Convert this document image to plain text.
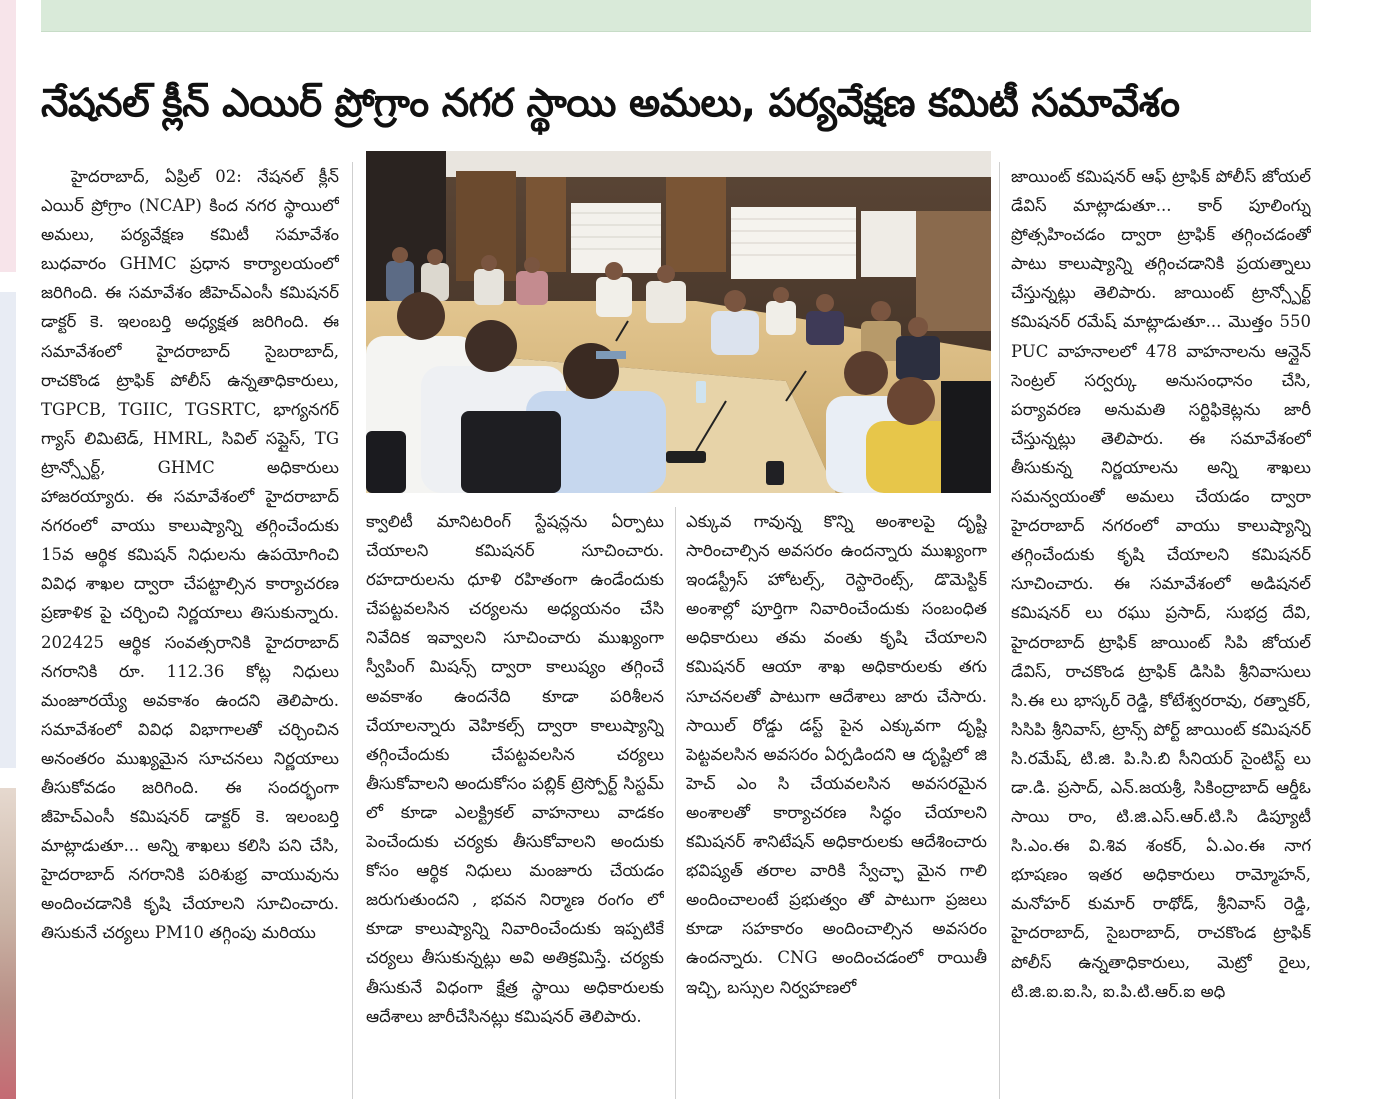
నేషనల్ క్లీన్ ఎయిర్ ప్రోగ్రాం నగర స్థాయి అమలు, పర్యవేక్షణ కమిటీ సమావేశం
హైదరాబాద్, ఏప్రిల్ 02: నేషనల్ క్లీన్ ఎయిర్ ప్రోగ్రాం (NCAP) కింద నగర స్థాయిలో అమలు, పర్యవేక్షణ కమిటీ సమావేశం బుధవారం GHMC ప్రధాన కార్యాలయంలో జరిగింది. ఈ సమావేశం జీహెచ్ఎంసీ కమిషనర్ డాక్టర్ కె. ఇలంబర్తి అధ్యక్షత జరిగింది. ఈ సమావేశంలో హైదరాబాద్ సైబరాబాద్, రాచకొండ ట్రాఫిక్ పోలీస్ ఉన్నతాధికారులు, TGPCB, TGIIC, TGSRTC, భాగ్యనగర్ గ్యాస్ లిమిటెడ్, HMRL, సివిల్ సప్లైస్, TG ట్రాన్స్పోర్ట్, GHMC అధికారులు హాజరయ్యారు. ఈ సమావేశంలో హైదరాబాద్ నగరంలో వాయు కాలుష్యాన్ని తగ్గించేందుకు 15వ ఆర్థిక కమిషన్ నిధులను ఉపయోగించి వివిధ శాఖల ద్వారా చేపట్టాల్సిన కార్యాచరణ ప్రణాళిక పై చర్చించి నిర్ణయాలు తిసుకున్నారు. 202425 ఆర్థిక సంవత్సరానికి హైదరాబాద్ నగరానికి రూ. 112.36 కోట్ల నిధులు మంజూరయ్యే అవకాశం ఉందని తెలిపారు. సమావేశంలో వివిధ విభాగాలతో చర్చించిన అనంతరం ముఖ్యమైన సూచనలు నిర్ణయాలు తీసుకోవడం జరిగింది. ఈ సందర్భంగా జీహెచ్ఎంసీ కమిషనర్ డాక్టర్ కె. ఇలంబర్తి మాట్లాడుతూ... అన్ని శాఖలు కలిసి పని చేసి, హైదరాబాద్ నగరానికి పరిశుభ్ర వాయువును అందించడానికి కృషి చేయాలని సూచించారు. తిసుకునే చర్యలు PM10 తగ్గింపు మరియు
క్వాలిటీ మానిటరింగ్ స్టేషన్లను ఏర్పాటు చేయాలని కమిషనర్ సూచించారు. రహదారులను ధూళి రహితంగా ఉండేందుకు చేపట్టవలసిన చర్యలను అధ్యయనం చేసి నివేదిక ఇవ్వాలని సూచించారు ముఖ్యంగా స్వీపింగ్ మిషన్స్ ద్వారా కాలుష్యం తగ్గించే అవకాశం ఉందనేది కూడా పరిశీలన చేయాలన్నారు వెహికల్స్ ద్వారా కాలుష్యాన్ని తగ్గించేందుకు చేపట్టవలసిన చర్యలు తీసుకోవాలని అందుకోసం పబ్లిక్ ట్రెస్పోర్ట్ సిస్టమ్ లో కూడా ఎలక్ట్రికల్ వాహనాలు వాడకం పెంచేందుకు చర్యకు తీసుకోవాలని అందుకు కోసం ఆర్థిక నిధులు మంజూరు చేయడం జరుగుతుందని , భవన నిర్మాణ రంగం లో కూడా కాలుష్యాన్ని నివారించేందుకు ఇప్పటికే చర్యలు తీసుకున్నట్లు అవి అతిక్రమిస్తే. చర్యకు తీసుకునే విధంగా క్షేత్ర స్థాయి అధికారులకు ఆదేశాలు జారీచేసినట్లు కమిషనర్ తెలిపారు.
ఎక్కువ గావున్న కొన్ని అంశాలపై దృష్టి సారించాల్సిన అవసరం ఉందన్నారు ముఖ్యంగా ఇండస్ట్రీస్ హోటల్స్, రెస్టారెంట్స్, డొమెస్టిక్ అంశాల్లో పూర్తిగా నివారించేందుకు సంబంధిత అధికారులు తమ వంతు కృషి చేయాలని కమిషనర్ ఆయా శాఖ అధికారులకు తగు సూచనలతో పాటుగా ఆదేశాలు జారు చేసారు. సాయిల్ రోడ్డు డస్ట్ పైన ఎక్కువగా దృష్టి పెట్టవలసిన అవసరం ఏర్పడిందని ఆ దృష్టిలో జి హెచ్ ఎం సి చేయవలసిన అవసరమైన అంశాలతో కార్యాచరణ సిద్ధం చేయాలని కమిషనర్ శానిటేషన్ అధికారులకు ఆదేశించారు భవిష్యత్ తరాల వారికి స్వేచ్ఛా మైన గాలి అందించాలంటే ప్రభుత్వం తో పాటుగా ప్రజలు కూడా సహకారం అందించాల్సిన అవసరం ఉందన్నారు. CNG అందించడంలో రాయితీ ఇచ్చి, బస్సుల నిర్వహణలో
జాయింట్ కమిషనర్ ఆఫ్ ట్రాఫిక్ పోలీస్ జోయల్ డేవిస్ మాట్లాడుతూ... కార్ పూలింగ్ను ప్రోత్సహించడం ద్వారా ట్రాఫిక్ తగ్గించడంతో పాటు కాలుష్యాన్ని తగ్గించడానికి ప్రయత్నాలు చేస్తున్నట్లు తెలిపారు. జాయింట్ ట్రాన్స్పోర్ట్ కమిషనర్ రమేష్ మాట్లాడుతూ... మొత్తం 550 PUC వాహనాలలో 478 వాహనాలను ఆన్లైన్ సెంట్రల్ సర్వర్కు అనుసంధానం చేసి, పర్యావరణ అనుమతి సర్టిఫికెట్లను జారీ చేస్తున్నట్లు తెలిపారు. ఈ సమావేశంలో తీసుకున్న నిర్ణయాలను అన్ని శాఖలు సమన్వయంతో అమలు చేయడం ద్వారా హైదరాబాద్ నగరంలో వాయు కాలుష్యాన్ని తగ్గించేందుకు కృషి చేయాలని కమిషనర్ సూచించారు. ఈ సమావేశంలో అడిషనల్ కమిషనర్ లు రఘు ప్రసాద్, సుభద్ర దేవి, హైదరాబాద్ ట్రాఫిక్ జాయింట్ సిపి జోయల్ డేవిస్, రాచకొండ ట్రాఫిక్ డిసిపి శ్రీనివాసులు సి.ఈ లు భాస్కర్ రెడ్డి, కోటేశ్వరరావు, రత్నాకర్, సిసిపి శ్రీనివాస్, ట్రాన్స్ పోర్ట్ జాయింట్ కమిషనర్ సి.రమేష్, టి.జి. పి.సి.బి సీనియర్ సైంటిస్ట్ లు డా.డి. ప్రసాద్, ఎన్.జయశ్రీ, సికింద్రాబాద్ ఆర్డీఓ సాయి రాం, టి.జి.ఎస్.ఆర్.టి.సి డిప్యూటీ సి.ఎం.ఈ వి.శివ శంకర్, ఏ.ఎం.ఈ నాగ భూషణం ఇతర అధికారులు రామ్మోహన్, మనోహర్ కుమార్ రాథోడ్, శ్రీనివాస్ రెడ్డి, హైదరాబాద్, సైబరాబాద్, రాచకొండ ట్రాఫిక్ పోలీస్ ఉన్నతాధికారులు, మెట్రో రైలు, టి.జి.ఐ.ఐ.సి, ఐ.పి.టి.ఆర్.ఐ అధి
